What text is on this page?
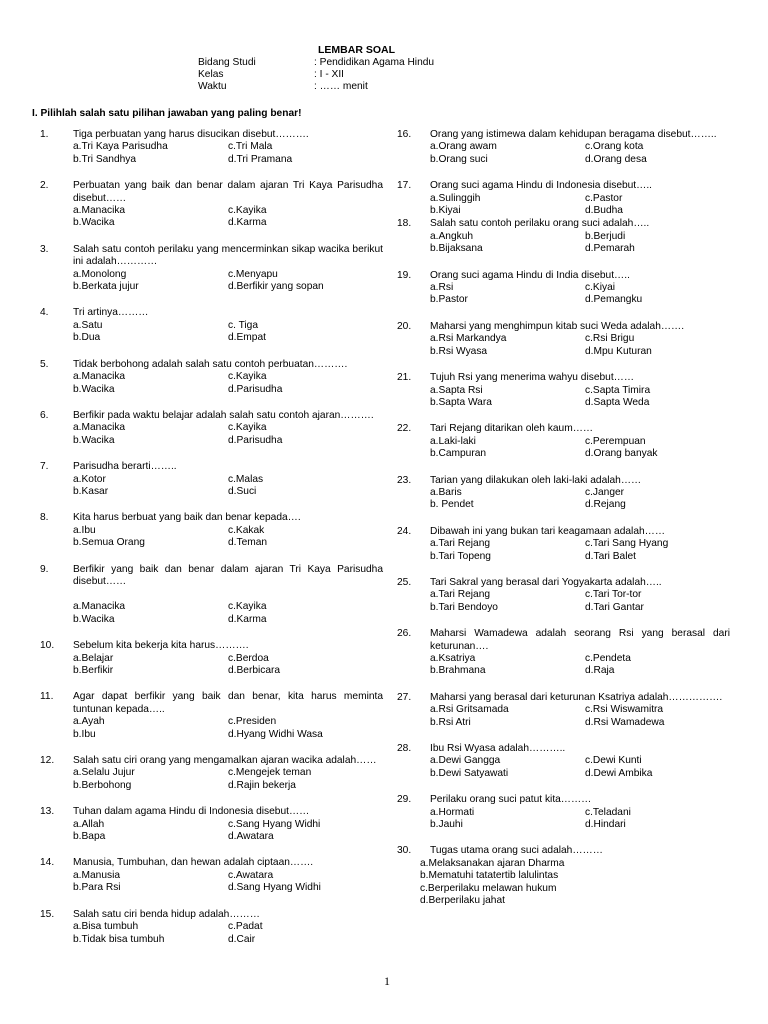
LEMBAR SOAL
Bidang Studi	: Pendidikan Agama Hindu
Kelas	: I - XII
Waktu	: …… menit
I. Pilihlah salah satu pilihan jawaban yang paling benar!
1. Tiga perbuatan yang harus disucikan disebut……….
a.Tri Kaya Parisudha	c.Tri Mala
b.Tri Sandhya	d.Tri Pramana
2. Perbuatan yang baik dan benar dalam ajaran Tri Kaya Parisudha disebut……
a.Manacika	c.Kayika
b.Wacika	d.Karma
3. Salah satu contoh perilaku yang mencerminkan sikap wacika berikut ini adalah…………
a.Monolong	c.Menyapu
b.Berkata jujur	d.Berfikir yang sopan
4. Tri artinya………
a.Satu	c. Tiga
b.Dua	d.Empat
5. Tidak berbohong adalah salah satu contoh perbuatan……….
a.Manacika	c.Kayika
b.Wacika	d.Parisudha
6. Berfikir pada waktu belajar adalah salah satu contoh ajaran……….
a.Manacika	c.Kayika
b.Wacika	d.Parisudha
7. Parisudha berarti……..
a.Kotor	c.Malas
b.Kasar	d.Suci
8. Kita harus berbuat yang baik dan benar kepada….
a.Ibu	c.Kakak
b.Semua Orang	d.Teman
9. Berfikir yang baik dan benar dalam ajaran Tri Kaya Parisudha disebut……
a.Manacika	c.Kayika
b.Wacika	d.Karma
10. Sebelum kita bekerja kita harus……….
a.Belajar	c.Berdoa
b.Berfikir	d.Berbicara
11. Agar dapat berfikir yang baik dan benar, kita harus meminta tuntunan kepada…..
a.Ayah	c.Presiden
b.Ibu	d.Hyang Widhi Wasa
12. Salah satu ciri orang yang mengamalkan ajaran wacika adalah……
a.Selalu Jujur	c.Mengejek teman
b.Berbohong	d.Rajin bekerja
13. Tuhan dalam agama Hindu di Indonesia disebut……
a.Allah	c.Sang Hyang Widhi
b.Bapa	d.Awatara
14. Manusia, Tumbuhan, dan hewan adalah ciptaan…….
a.Manusia	c.Awatara
b.Para Rsi	d.Sang Hyang Widhi
15. Salah satu ciri benda hidup adalah………
a.Bisa tumbuh	c.Padat
b.Tidak bisa tumbuh	d.Cair
16. Orang yang istimewa dalam kehidupan beragama disebut……..
a.Orang awam	c.Orang kota
b.Orang suci	d.Orang desa
17. Orang suci agama Hindu di Indonesia disebut…..
a.Sulinggih	c.Pastor
b.Kiyai	d.Budha
18. Salah satu contoh perilaku orang suci adalah…..
a.Angkuh	b.Berjudi
b.Bijaksana	d.Pemarah
19. Orang suci agama Hindu di India disebut…..
a.Rsi	c.Kiyai
b.Pastor	d.Pemangku
20. Maharsi yang menghimpun kitab suci Weda adalah…….
a.Rsi Markandya	c.Rsi Brigu
b.Rsi Wyasa	d.Mpu Kuturan
21. Tujuh Rsi yang menerima wahyu disebut……
a.Sapta Rsi	c.Sapta Timira
b.Sapta Wara	d.Sapta Weda
22. Tari Rejang ditarikan oleh kaum……
a.Laki-laki	c.Perempuan
b.Campuran	d.Orang banyak
23. Tarian yang dilakukan oleh laki-laki adalah……
a.Baris	c.Janger
b. Pendet	d.Rejang
24. Dibawah ini yang bukan tari keagamaan adalah……
a.Tari Rejang	c.Tari Sang Hyang
b.Tari Topeng	d.Tari Balet
25. Tari Sakral yang berasal dari Yogyakarta adalah…..
a.Tari Rejang	c.Tari Tor-tor
b.Tari Bendoyo	d.Tari Gantar
26. Maharsi Wamadewa adalah seorang Rsi yang berasal dari keturunan….
a.Ksatriya	c.Pendeta
b.Brahmana	d.Raja
27. Maharsi yang berasal dari keturunan Ksatriya adalah…………….
a.Rsi Gritsamada	c.Rsi Wiswamitra
b.Rsi Atri	d.Rsi Wamadewa
28. Ibu Rsi Wyasa adalah………..
a.Dewi Gangga	c.Dewi Kunti
b.Dewi Satyawati	d.Dewi Ambika
29. Perilaku orang suci patut kita………
a.Hormati	c.Teladani
b.Jauhi	d.Hindari
30. Tugas utama orang suci adalah………
a.Melaksanakan ajaran Dharma
b.Mematuhi tatatertib lalulintas
c.Berperilaku melawan hukum
d.Berperilaku jahat
1
